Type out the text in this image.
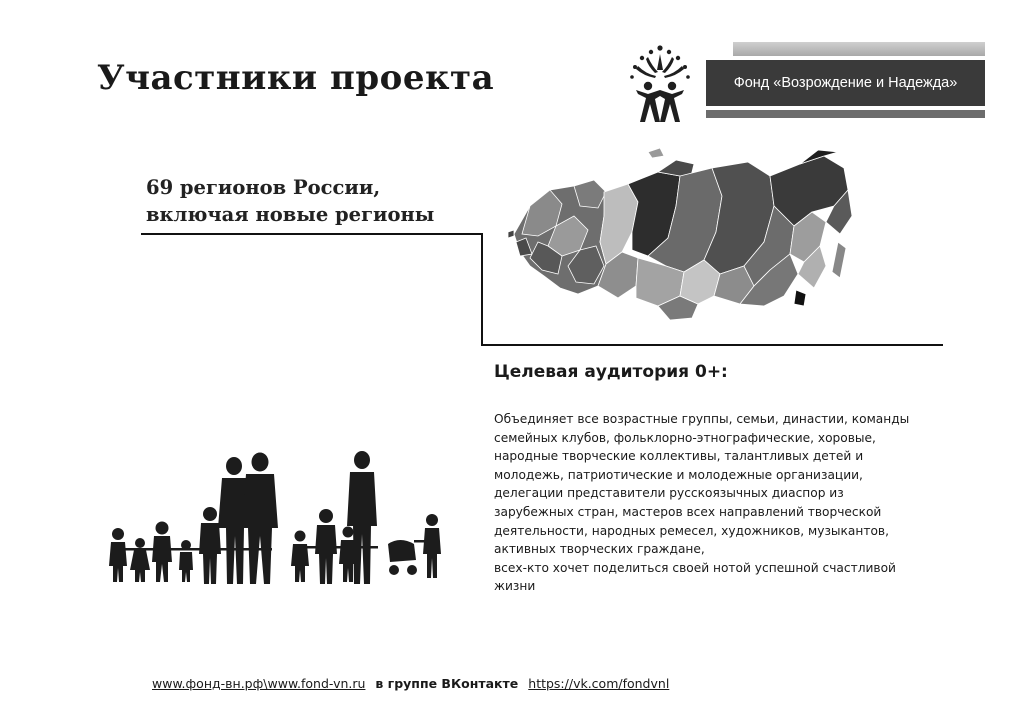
Участники проекта	Фонд «Возрождение и Надежда»
69 регионов России,
включая новые регионы
Целевая аудитория 0+:
Объединяет все возрастные группы, семьи, династии, команды
семейных клубов, фольклорно-этнографические, хоровые,
народные творческие коллективы, талантливых детей и
молодежь, патриотические и молодежные организации,
делегации представители русскоязычных диаспор из
зарубежных стран, мастеров всех направлений творческой
деятельности, народных ремесел, художников, музыкантов,
активных творческих граждане,
всех-кто хочет поделиться своей нотой успешной счастливой
жизни
www.фонд-вн.рф\www.fond-vn.ru в группе ВКонтакте https://vk.com/fondvnl
